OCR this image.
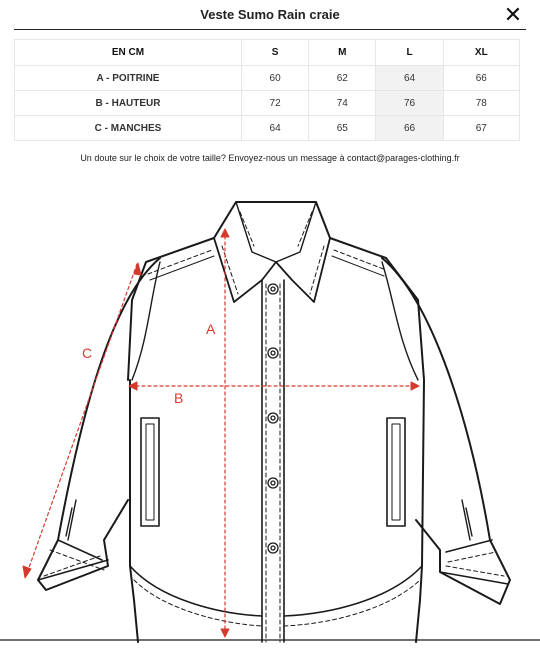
Veste Sumo Rain craie	✕
EN CM	S	M	L	XL
A - POITRINE	60	62	64	66
B - HAUTEUR	72	74	76	78
C - MANCHES	64	65	66	67
Un doute sur le choix de votre taille? Envoyez-nous un message à contact@parages-clothing.fr
A
B
C
